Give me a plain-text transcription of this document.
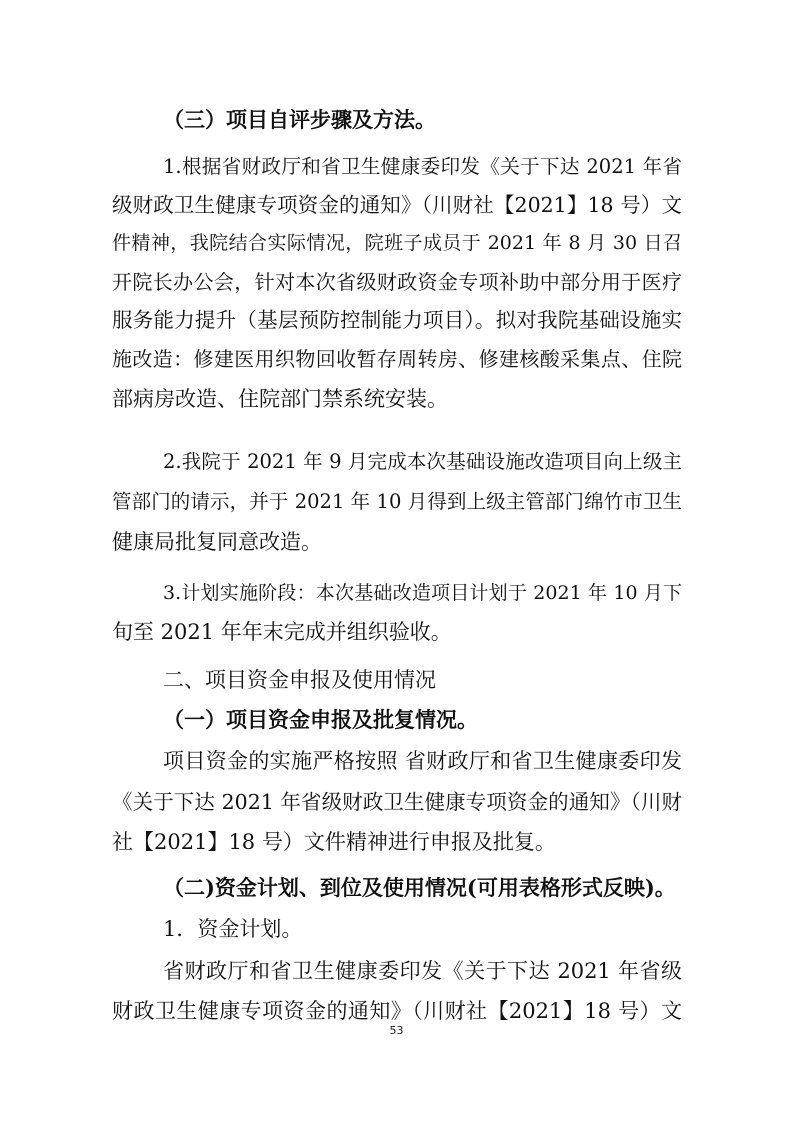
（三）项目自评步骤及方法。
1.根据省财政厅和省卫生健康委印发《关于下达 2021 年省
级财政卫生健康专项资金的通知》（川财社【2021】18 号）文
件精神，我院结合实际情况，院班子成员于 2021 年 8 月 30 日召
开院长办公会，针对本次省级财政资金专项补助中部分用于医疗
服务能力提升（基层预防控制能力项目）。拟对我院基础设施实
施改造：修建医用织物回收暂存周转房、修建核酸采集点、住院
部病房改造、住院部门禁系统安装。
2.我院于 2021 年 9 月完成本次基础设施改造项目向上级主
管部门的请示，并于 2021 年 10 月得到上级主管部门绵竹市卫生
健康局批复同意改造。
3.计划实施阶段：本次基础改造项目计划于 2021 年 10 月下
旬至 2021 年年末完成并组织验收。
二、项目资金申报及使用情况
（一）项目资金申报及批复情况。
项目资金的实施严格按照 省财政厅和省卫生健康委印发
《关于下达 2021 年省级财政卫生健康专项资金的通知》（川财
社【2021】18 号）文件精神进行申报及批复。
（二)资金计划、到位及使用情况(可用表格形式反映)。
1．资金计划。
省财政厅和省卫生健康委印发《关于下达 2021 年省级
财政卫生健康专项资金的通知》（川财社【2021】18 号）文
53
